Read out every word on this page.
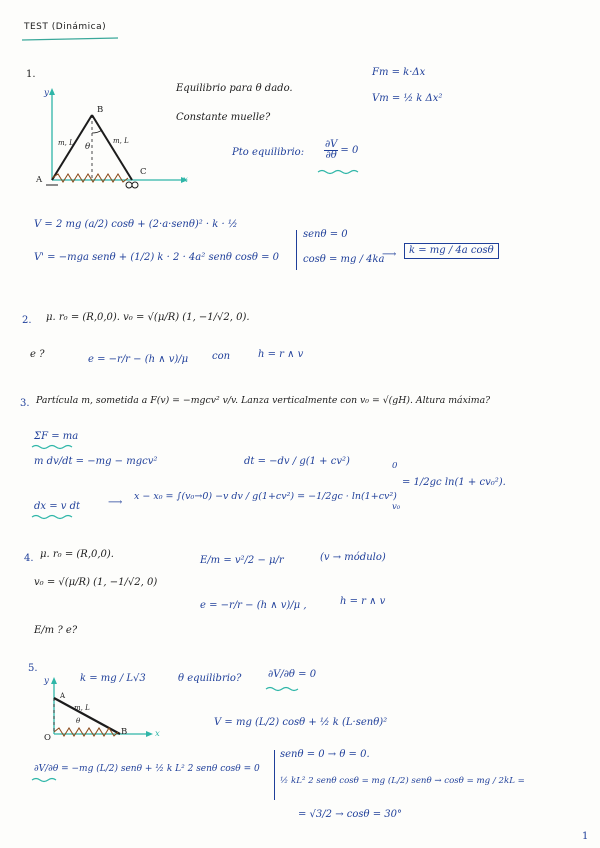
TEST (Dinámica)
1.
y
B
A
C
x
m, L	m, L
θ
Equilibrio para θ dado.
Constante muelle?
Fm = k·Δx
Vm = ½ k Δx²
Pto equilibrio: $\frac{\partial V}{\partial\theta} = 0$
V = 2 mg (a/2) cosθ + (2·a·senθ)² · k · ½
V' = −mga senθ + (1/2) k · 2 · 4a² senθ cosθ = 0
senθ = 0
cosθ = mg / 4ka
⟶	k = mg / 4a cosθ
2. μ. r₀ = (R,0,0). v₀ = √(μ/R) (1, −1/√2, 0).
e ?	e = −r/r − (h ∧ v)/μ con	h = r ∧ v
3. Partícula m, sometida a F(v) = −mgcv² v/v. Lanza verticalmente con v₀ = √(gH). Altura máxima?
ΣF = ma
m dv/dt = −mg − mgcv²	dt = −dv / g(1 + cv²)
dx = v dt	⟶
x − x₀ = ∫(v₀→0) −v dv / g(1+cv²) = −1/2gc · ln(1+cv²)
0
v₀
= 1/2gc ln(1 + cv₀²).
4. μ. r₀ = (R,0,0).
v₀ = √(μ/R) (1, −1/√2, 0)
E/m = v²/2 − μ/r	(v → módulo)
e = −r/r − (h ∧ v)/μ ,	h = r ∧ v
E/m ? e?
5.
k = mg / L√3	θ equilibrio?	∂V/∂θ = 0
y
A
m, L
θ
B
O	x
V = mg (L/2) cosθ + ½ k (L·senθ)²
∂V/∂θ = −mg (L/2) senθ + ½ k L² 2 senθ cosθ = 0
senθ = 0 → θ = 0.
½ kL² 2 senθ cosθ = mg (L/2) senθ → cosθ = mg / 2kL =
= √3/2 → cosθ = 30°
1
